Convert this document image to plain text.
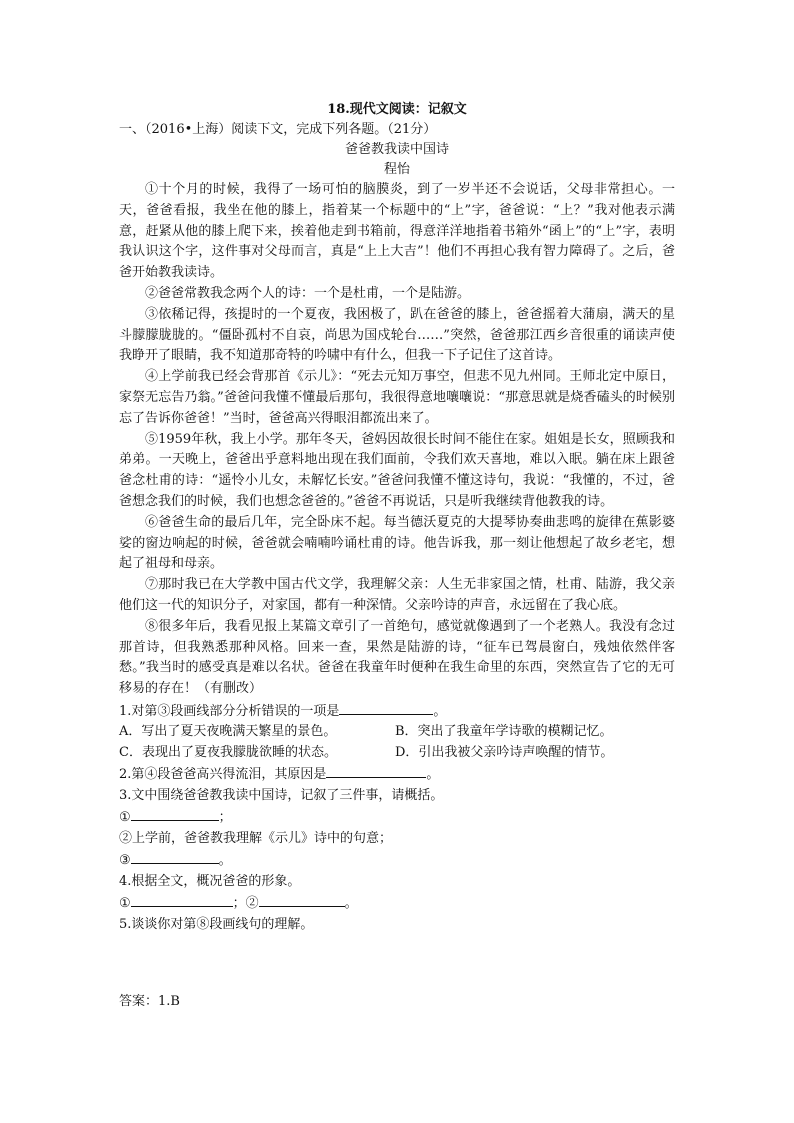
18.现代文阅读：记叙文

一、（2016•上海）阅读下文，完成下列各题。（21分）

爸爸教我读中国诗

程怡

①十个月的时候，我得了一场可怕的脑膜炎，到了一岁半还不会说话，父母非常担心。一天，爸爸看报，我坐在他的膝上，指着某一个标题中的“上”字，爸爸说：“上？”我对他表示满意，赶紧从他的膝上爬下来，挨着他走到书箱前，得意洋洋地指着书箱外“函上”的“上”字，表明我认识这个字，这件事对父母而言，真是“上上大吉”！他们不再担心我有智力障碍了。之后，爸爸开始教我读诗。

②爸爸常教我念两个人的诗：一个是杜甫，一个是陆游。

③依稀记得，孩提时的一个夏夜，我困极了，趴在爸爸的膝上，爸爸摇着大蒲扇，满天的星斗朦朦胧胧的。“僵卧孤村不自哀，尚思为国戍轮台……”突然，爸爸那江西乡音很重的诵读声使我睁开了眼睛，我不知道那奇特的吟啸中有什么，但我一下子记住了这首诗。

④上学前我已经会背那首《示儿》：“死去元知万事空，但悲不见九州同。王师北定中原日，家祭无忘告乃翁。”爸爸问我懂不懂最后那句，我很得意地嚷嚷说：“那意思就是烧香磕头的时候别忘了告诉你爸爸！”当时，爸爸高兴得眼泪都流出来了。

⑤1959年秋，我上小学。那年冬天，爸妈因故很长时间不能住在家。姐姐是长女，照顾我和弟弟。一天晚上，爸爸出乎意料地出现在我们面前，令我们欢天喜地，难以入眠。躺在床上跟爸爸念杜甫的诗：“遥怜小儿女，未解忆长安。”爸爸问我懂不懂这诗句，我说：“我懂的，不过，爸爸想念我们的时候，我们也想念爸爸的。”爸爸不再说话，只是听我继续背他教我的诗。

⑥爸爸生命的最后几年，完全卧床不起。每当德沃夏克的大提琴协奏曲悲鸣的旋律在蕉影婆娑的窗边响起的时候，爸爸就会喃喃吟诵杜甫的诗。他告诉我，那一刻让他想起了故乡老宅，想起了祖母和母亲。

⑦那时我已在大学教中国古代文学，我理解父亲：人生无非家国之情，杜甫、陆游，我父亲他们这一代的知识分子，对家国，都有一种深情。父亲吟诗的声音，永远留在了我心底。

⑧很多年后，我看见报上某篇文章引了一首绝句，感觉就像遇到了一个老熟人。我没有念过那首诗，但我熟悉那种风格。回来一查，果然是陆游的诗，“征车已驾晨窗白，残烛依然伴客愁。”我当时的感受真是难以名状。爸爸在我童年时便种在我生命里的东西，突然宣告了它的无可移易的存在！（有删改）

1.对第③段画线部分分析错误的一项是	。

A．写出了夏天夜晚满天繁星的景色。	B．突出了我童年学诗歌的模糊记忆。
C．表现出了夏夜我朦胧欲睡的状态。	D．引出我被父亲吟诗声唤醒的情节。

2.第④段爸爸高兴得流泪，其原因是	。

3.文中围绕爸爸教我读中国诗，记叙了三件事，请概括。

①	；

②上学前，爸爸教我理解《示儿》诗中的句意；

③	。

4.根据全文，概况爸爸的形象。

①	；②	。

5.谈谈你对第⑧段画线句的理解。

答案：1.B
